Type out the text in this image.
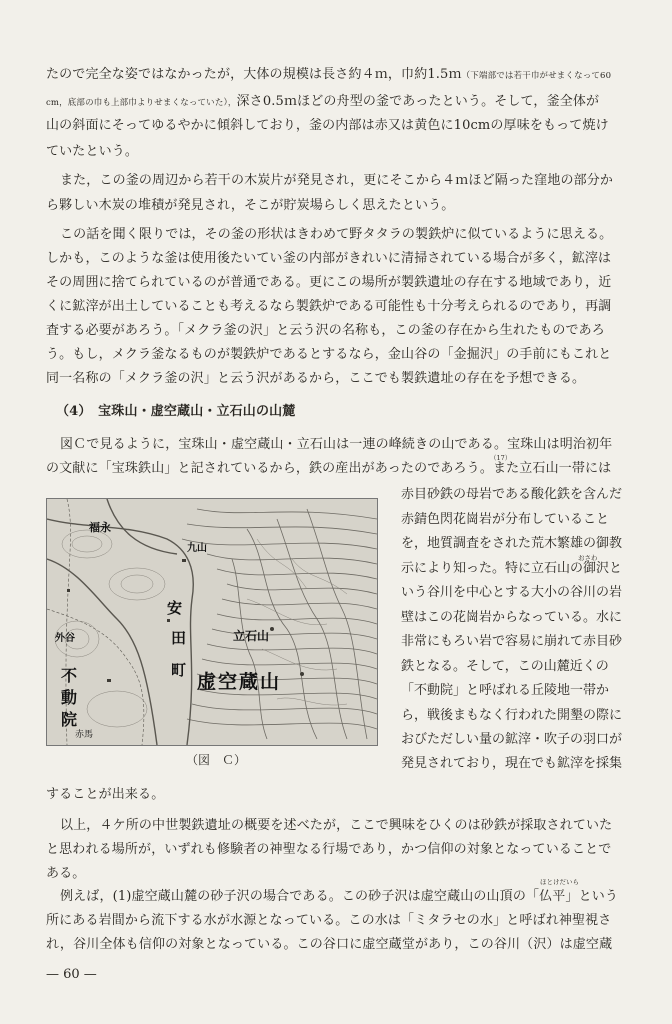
たので完全な姿ではなかったが，大体の規模は長さ約４ｍ，巾約1.5ｍ（下端部では若干巾がせまくなって60
cm，底部の巾も上部巾よりせまくなっていた），深さ0.5ｍほどの舟型の釜であったという。そして，釜全体が
山の斜面にそってゆるやかに傾斜しており，釜の内部は赤又は黄色に10cmの厚味をもって焼け
ていたという。
また，この釜の周辺から若干の木炭片が発見され，更にそこから４ｍほど隔った窪地の部分か
ら夥しい木炭の堆積が発見され，そこが貯炭場らしく思えたという。
この話を聞く限りでは，その釜の形状はきわめて野タタラの製鉄炉に似ているように思える。
しかも，このような釜は使用後たいてい釜の内部がきれいに清掃されている場合が多く，鉱滓は
その周囲に捨てられているのが普通である。更にこの場所が製鉄遺址の存在する地域であり，近
くに鉱滓が出土していることも考えるなら製鉄炉である可能性も十分考えられるのであり，再調
査する必要があろう。「メクラ釜の沢」と云う沢の名称も，この釜の存在から生れたものであろ
う。もし，メクラ釜なるものが製鉄炉であるとするなら，金山谷の「金掘沢」の手前にもこれと
同一名称の「メクラ釜の沢」と云う沢があるから，ここでも製鉄遺址の存在を予想できる。
（4）　宝珠山・虚空蔵山・立石山の山麓
図Ｃで見るように，宝珠山・虚空蔵山・立石山は一連の峰続きの山である。宝珠山は明治初年
の文献に「宝珠鉄山」と記されているから，鉄の産出があったのであろう。また立石山一帯には
（17）
赤目砂鉄の母岩である酸化鉄を含んだ
赤錆色閃花崗岩が分布していること
を，地質調査をされた荒木繁雄の御教
おさわ
示により知った。特に立石山の御沢と
いう谷川を中心とする大小の谷川の岩
壁はこの花崗岩からなっている。水に
非常にもろい岩で容易に崩れて赤目砂
鉄となる。そして，この山麓近くの
「不動院」と呼ばれる丘陵地一帯か
ら，戦後まもなく行われた開墾の際に
おびただしい量の鉱滓・吹子の羽口が
発見されており，現在でも鉱滓を採集
することが出来る。
福永
九山
安
田
町
立石山
虚空蔵山
外谷
不
動
院
赤馬
（図　Ｃ）
以上，４ケ所の中世製鉄遺址の概要を述べたが，ここで興味をひくのは砂鉄が採取されていた
と思われる場所が，いずれも修験者の神聖なる行場であり，かつ信仰の対象となっていることで
ある。
ほとけだいら
例えば，(1)虚空蔵山麓の砂子沢の場合である。この砂子沢は虚空蔵山の山頂の「仏平」という
所にある岩間から流下する水が水源となっている。この水は「ミタラセの水」と呼ばれ神聖視さ
れ，谷川全体も信仰の対象となっている。この谷口に虚空蔵堂があり，この谷川（沢）は虚空蔵
— 60 —
